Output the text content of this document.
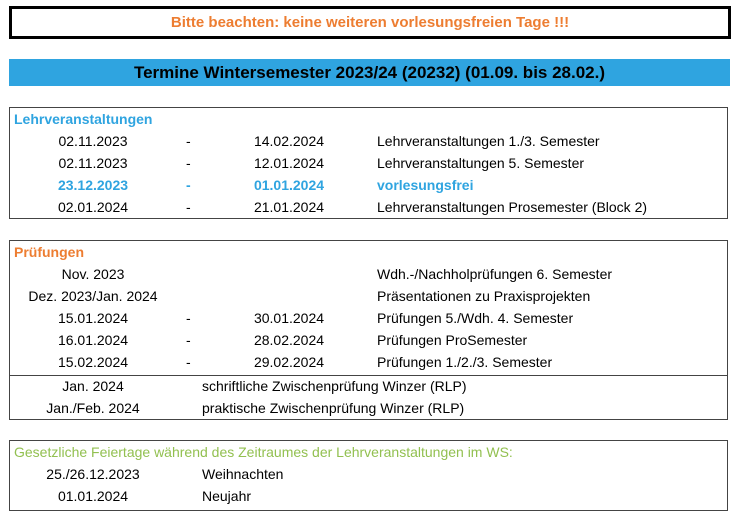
Bitte beachten: keine weiteren vorlesungsfreien Tage !!!
Termine Wintersemester 2023/24 (20232) (01.09. bis 28.02.)
Lehrveranstaltungen
02.11.2023	-	14.02.2024	Lehrveranstaltungen 1./3. Semester
02.11.2023	-	12.01.2024	Lehrveranstaltungen 5. Semester
23.12.2023	-	01.01.2024	vorlesungsfrei
02.01.2024	-	21.01.2024	Lehrveranstaltungen Prosemester (Block 2)
Prüfungen
Nov. 2023	Wdh.-/Nachholprüfungen 6. Semester
Dez. 2023/Jan. 2024	Präsentationen zu Praxisprojekten
15.01.2024	-	30.01.2024	Prüfungen 5./Wdh. 4. Semester
16.01.2024	-	28.02.2024	Prüfungen ProSemester
15.02.2024	-	29.02.2024	Prüfungen 1./2./3. Semester
Jan. 2024	schriftliche Zwischenprüfung Winzer (RLP)
Jan./Feb. 2024	praktische Zwischenprüfung Winzer (RLP)
Gesetzliche Feiertage während des Zeitraumes der Lehrveranstaltungen im WS:
25./26.12.2023	Weihnachten
01.01.2024	Neujahr
